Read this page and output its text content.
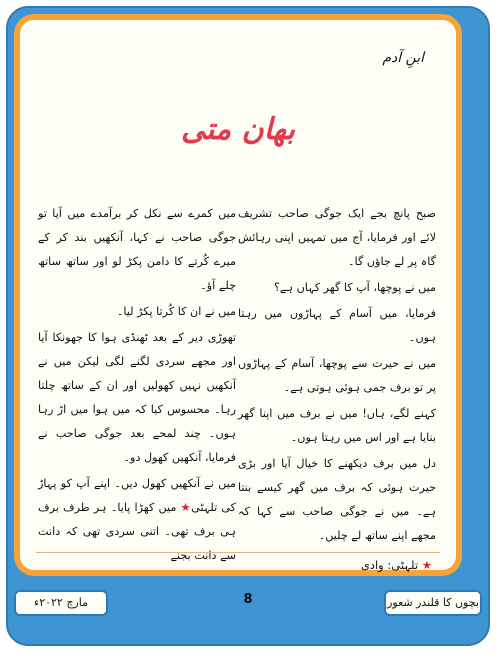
ابنِ آدم
بھان متی

صبح پانچ بجے ایک جوگی صاحب تشریف لائے اور فرمایا، آج میں تمہیں اپنی رہائش گاہ پر لے جاؤں گا۔

میں نے پوچھا، آپ کا گھر کہاں ہے؟

فرمایا، میں آسام کے پہاڑوں میں رہتا ہوں۔

میں نے حیرت سے پوچھا، آسام کے پہاڑوں پر تو برف جمی ہوئی ہوتی ہے۔

کہنے لگے، ہاں! میں نے برف میں اپنا گھر بنایا ہے اور اس میں رہتا ہوں۔

دل میں برف دیکھنے کا خیال آیا اور بڑی حیرت ہوئی کہ برف میں گھر کیسے بنتا ہے۔ میں نے جوگی صاحب سے کہا کہ مجھے اپنے ساتھ لے چلیں۔

میں کمرے سے نکل کر برآمدے میں آیا تو جوگی صاحب نے کہا، آنکھیں بند کر کے میرے کُرتے کا دامن پکڑ لو اور ساتھ ساتھ چلے آؤ۔

میں نے ان کا کُرتا پکڑ لیا۔

تھوڑی دیر کے بعد ٹھنڈی ہوا کا جھونکا آیا اور مجھے سردی لگنے لگی لیکن میں نے آنکھیں نہیں کھولیں اور ان کے ساتھ چلتا رہا۔ محسوس کیا کہ میں ہوا میں اڑ رہا ہوں۔ چند لمحے بعد جوگی صاحب نے فرمایا، آنکھیں کھول دو۔

میں نے آنکھیں کھول دیں۔ اپنے آپ کو پہاڑ کی تلہٹی★ میں کھڑا پایا۔ ہر طرف برف ہی برف تھی۔ اتنی سردی تھی کہ دانت سے دانت بجنے

★ تلہٹی: وادی
مارچ ۲۰۲۲ء	8	بچوں کا قلندر شعور
